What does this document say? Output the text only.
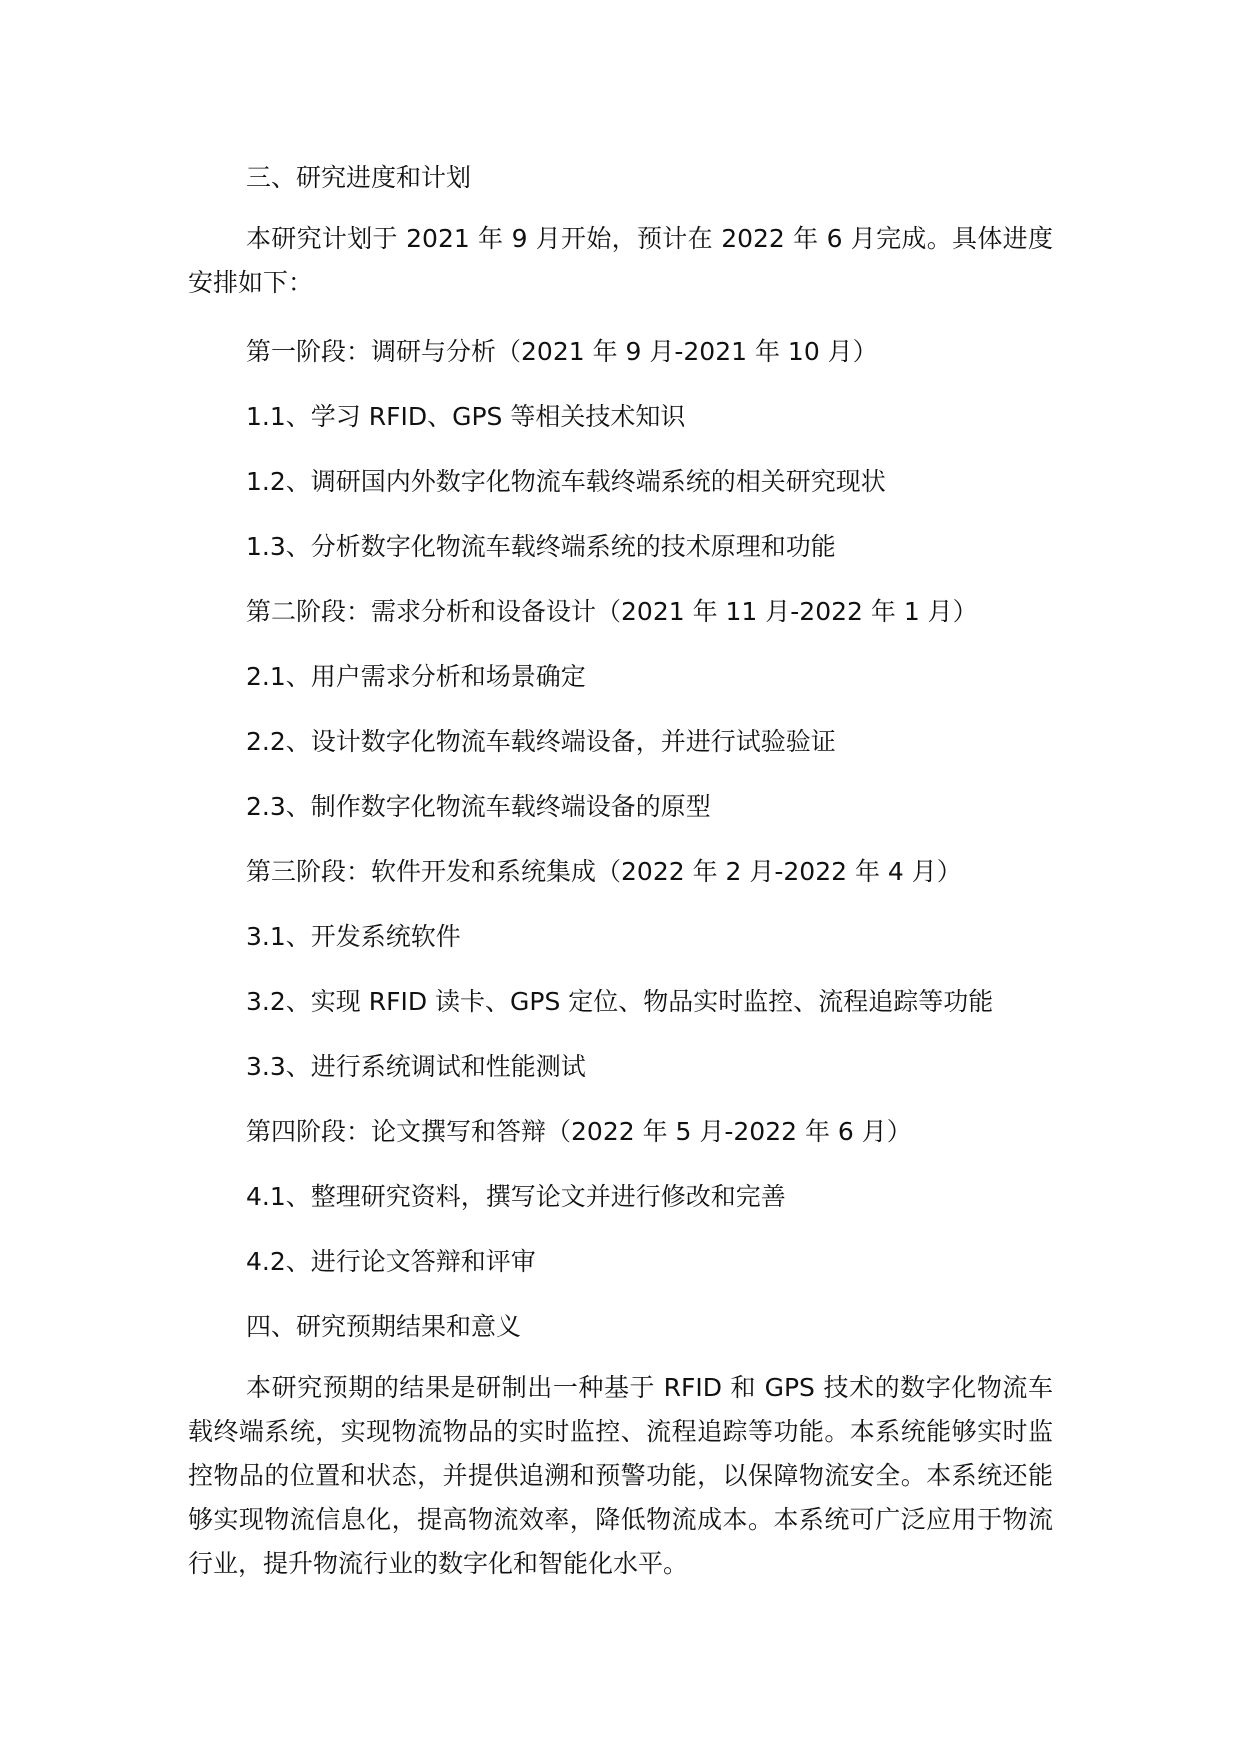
三、研究进度和计划
本研究计划于 2021 年 9 月开始，预计在 2022 年 6 月完成。具体进度安排如下：
第一阶段：调研与分析（2021 年 9 月-2021 年 10 月）
1.1、学习 RFID、GPS 等相关技术知识
1.2、调研国内外数字化物流车载终端系统的相关研究现状
1.3、分析数字化物流车载终端系统的技术原理和功能
第二阶段：需求分析和设备设计（2021 年 11 月-2022 年 1 月）
2.1、用户需求分析和场景确定
2.2、设计数字化物流车载终端设备，并进行试验验证
2.3、制作数字化物流车载终端设备的原型
第三阶段：软件开发和系统集成（2022 年 2 月-2022 年 4 月）
3.1、开发系统软件
3.2、实现 RFID 读卡、GPS 定位、物品实时监控、流程追踪等功能
3.3、进行系统调试和性能测试
第四阶段：论文撰写和答辩（2022 年 5 月-2022 年 6 月）
4.1、整理研究资料，撰写论文并进行修改和完善
4.2、进行论文答辩和评审
四、研究预期结果和意义
本研究预期的结果是研制出一种基于 RFID 和 GPS 技术的数字化物流车载终端系统，实现物流物品的实时监控、流程追踪等功能。本系统能够实时监控物品的位置和状态，并提供追溯和预警功能，以保障物流安全。本系统还能够实现物流信息化，提高物流效率，降低物流成本。本系统可广泛应用于物流行业，提升物流行业的数字化和智能化水平。
